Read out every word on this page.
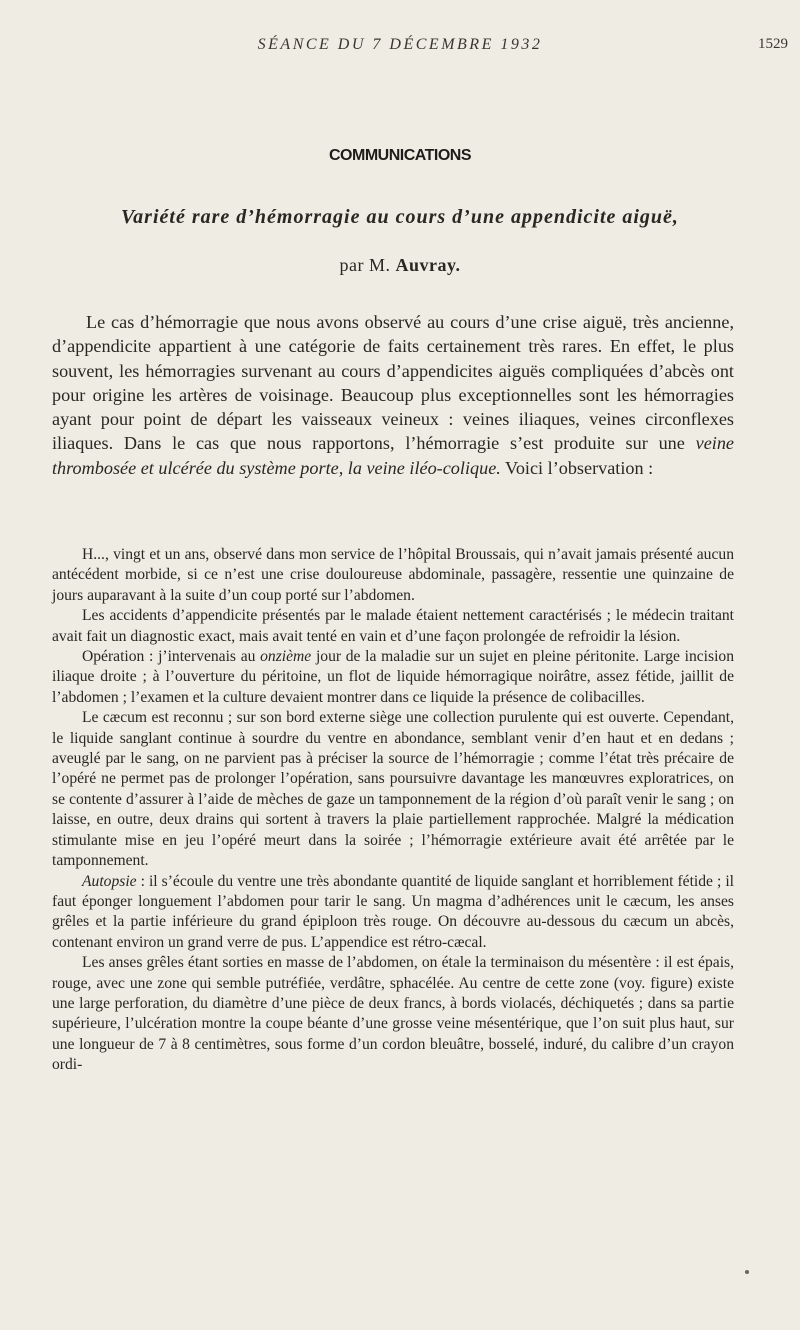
SÉANCE DU 7 DÉCEMBRE 1932	1529
COMMUNICATIONS
Variété rare d’hémorragie au cours d’une appendicite aiguë,
par M. Auvray.

Le cas d’hémorragie que nous avons observé au cours d’une crise aiguë, très ancienne, d’appendicite appartient à une catégorie de faits certainement très rares. En effet, le plus souvent, les hémorragies survenant au cours d’appendicites aiguës compliquées d’abcès ont pour origine les artères de voisinage. Beaucoup plus exceptionnelles sont les hémorragies ayant pour point de départ les vaisseaux veineux : veines iliaques, veines circonflexes iliaques. Dans le cas que nous rapportons, l’hémorragie s’est produite sur une veine thrombosée et ulcérée du système porte, la veine iléo-colique. Voici l’observation :

H..., vingt et un ans, observé dans mon service de l’hôpital Broussais, qui n’avait jamais présenté aucun antécédent morbide, si ce n’est une crise douloureuse abdominale, passagère, ressentie une quinzaine de jours auparavant à la suite d’un coup porté sur l’abdomen.

Les accidents d’appendicite présentés par le malade étaient nettement caractérisés ; le médecin traitant avait fait un diagnostic exact, mais avait tenté en vain et d’une façon prolongée de refroidir la lésion.

Opération : j’intervenais au onzième jour de la maladie sur un sujet en pleine péritonite. Large incision iliaque droite ; à l’ouverture du péritoine, un flot de liquide hémorragique noirâtre, assez fétide, jaillit de l’abdomen ; l’examen et la culture devaient montrer dans ce liquide la présence de colibacilles.

Le cæcum est reconnu ; sur son bord externe siège une collection purulente qui est ouverte. Cependant, le liquide sanglant continue à sourdre du ventre en abondance, semblant venir d’en haut et en dedans ; aveuglé par le sang, on ne parvient pas à préciser la source de l’hémorragie ; comme l’état très précaire de l’opéré ne permet pas de prolonger l’opération, sans poursuivre davantage les manœuvres exploratrices, on se contente d’assurer à l’aide de mèches de gaze un tamponnement de la région d’où paraît venir le sang ; on laisse, en outre, deux drains qui sortent à travers la plaie partiellement rapprochée. Malgré la médication stimulante mise en jeu l’opéré meurt dans la soirée ; l’hémorragie extérieure avait été arrêtée par le tamponnement.

Autopsie : il s’écoule du ventre une très abondante quantité de liquide sanglant et horriblement fétide ; il faut éponger longuement l’abdomen pour tarir le sang. Un magma d’adhérences unit le cæcum, les anses grêles et la partie inférieure du grand épiploon très rouge. On découvre au-dessous du cæcum un abcès, contenant environ un grand verre de pus. L’appendice est rétro-cæcal.

Les anses grêles étant sorties en masse de l’abdomen, on étale la terminaison du mésentère : il est épais, rouge, avec une zone qui semble putréfiée, verdâtre, sphacélée. Au centre de cette zone (voy. figure) existe une large perforation, du diamètre d’une pièce de deux francs, à bords violacés, déchiquetés ; dans sa partie supérieure, l’ulcération montre la coupe béante d’une grosse veine mésentérique, que l’on suit plus haut, sur une longueur de 7 à 8 centimètres, sous forme d’un cordon bleuâtre, bosselé, induré, du calibre d’un crayon ordi-
